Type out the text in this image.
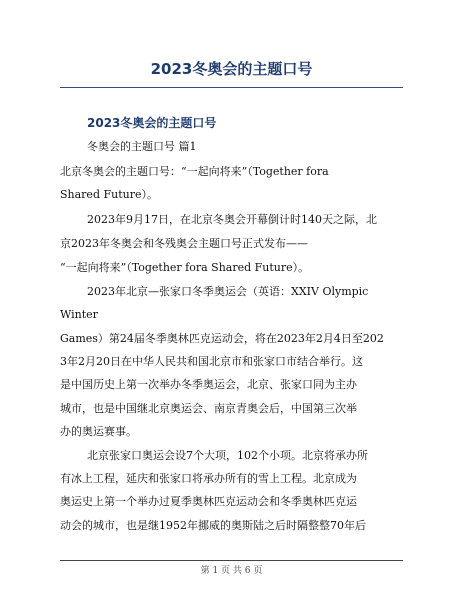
2023冬奥会的主题口号
2023冬奥会的主题口号
冬奥会的主题口号 篇1
北京冬奥会的主题口号：“一起向将来”（Together fora
Shared Future）。
2023年9月17日，在北京冬奥会开幕倒计时140天之际，北
京2023年冬奥会和冬残奥会主题口号正式发布——
“一起向将来”（Together fora Shared Future）。
2023年北京—张家口冬季奥运会（英语：XXIV Olympic
Winter
Games）第24届冬季奥林匹克运动会，将在2023年2月4日至202
3年2月20日在中华人民共和国北京市和张家口市结合举行。这
是中国历史上第一次举办冬季奥运会，北京、张家口同为主办
城市，也是中国继北京奥运会、南京青奥会后，中国第三次举
办的奥运赛事。
北京张家口奥运会设7个大项，102个小项。北京将承办所
有冰上工程，延庆和张家口将承办所有的雪上工程。北京成为
奥运史上第一个举办过夏季奥林匹克运动会和冬季奥林匹克运
动会的城市，也是继1952年挪威的奥斯陆之后时隔整整70年后
第 1 页 共 6 页
